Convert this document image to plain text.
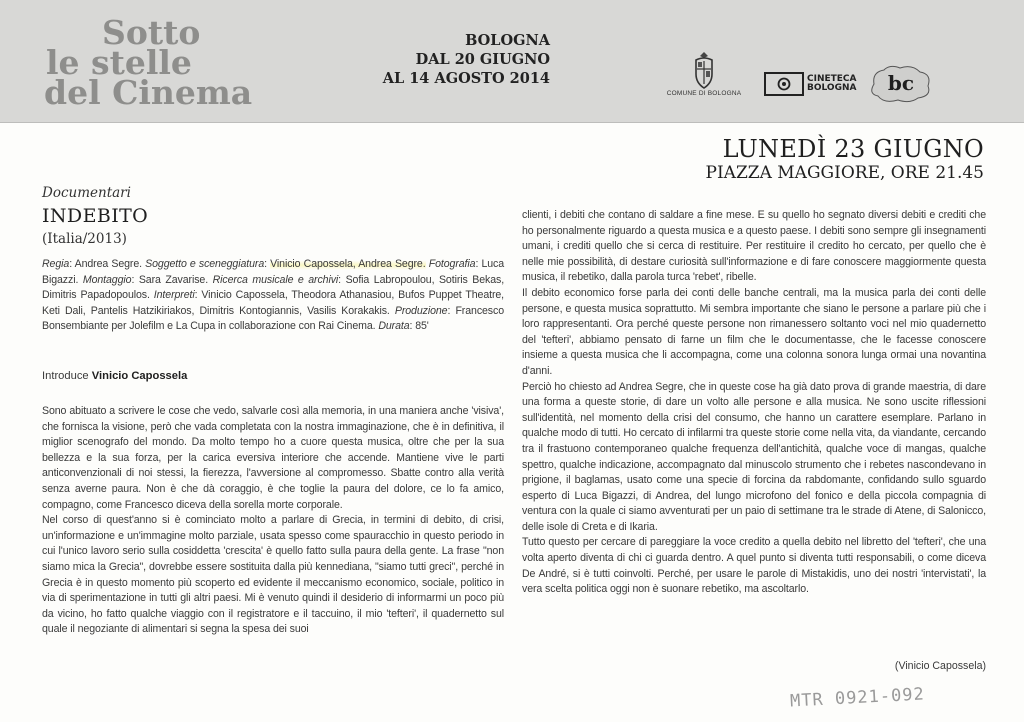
Sotto
le stelle
del Cinema
BOLOGNA
DAL 20 GIUGNO
AL 14 AGOSTO 2014
COMUNE DI BOLOGNA
CINETECA
BOLOGNA bc
LUNEDÌ 23 GIUGNO
PIAZZA MAGGIORE, ORE 21.45
Documentari
INDEBITO
(Italia/2013)
Regia: Andrea Segre. Soggetto e sceneggiatura: Vinicio Capossela, Andrea Segre. Fotografia: Luca Bigazzi. Montaggio: Sara Zavarise. Ricerca musicale e archivi: Sofia Labropoulou, Sotiris Bekas, Dimitris Papadopoulos. Interpreti: Vinicio Capossela, Theodora Athanasiou, Bufos Puppet Theatre, Keti Dali, Pantelis Hatzikiriakos, Dimitris Kontogiannis, Vasilis Korakakis. Produzione: Francesco Bonsembiante per Jolefilm e La Cupa in collaborazione con Rai Cinema. Durata: 85'
Introduce Vinicio Capossela

Sono abituato a scrivere le cose che vedo, salvarle così alla memoria, in una maniera anche 'visiva', che fornisca la visione, però che vada completata con la nostra immaginazione, che è in definitiva, il miglior scenografo del mondo. Da molto tempo ho a cuore questa musica, oltre che per la sua bellezza e la sua forza, per la carica eversiva interiore che accende. Mantiene vive le parti anticonvenzionali di noi stessi, la fierezza, l'avversione al compromesso. Sbatte contro alla verità senza averne paura. Non è che dà coraggio, è che toglie la paura del dolore, ce lo fa amico, compagno, come Francesco diceva della sorella morte corporale.

Nel corso di quest'anno si è cominciato molto a parlare di Grecia, in termini di debito, di crisi, un'informazione e un'immagine molto parziale, usata spesso come spauracchio in questo periodo in cui l'unico lavoro serio sulla cosiddetta 'crescita' è quello fatto sulla paura della gente. La frase "non siamo mica la Grecia", dovrebbe essere sostituita dalla più kennediana, "siamo tutti greci", perché in Grecia è in questo momento più scoperto ed evidente il meccanismo economico, sociale, politico in via di sperimentazione in tutti gli altri paesi. Mi è venuto quindi il desiderio di informarmi un poco più da vicino, ho fatto qualche viaggio con il registratore e il taccuino, il mio 'tefteri', il quadernetto sul quale il negoziante di alimentari si segna la spesa dei suoi

clienti, i debiti che contano di saldare a fine mese. E su quello ho segnato diversi debiti e crediti che ho personalmente riguardo a questa musica e a questo paese. I debiti sono sempre gli insegnamenti umani, i crediti quello che si cerca di restituire. Per restituire il credito ho cercato, per quello che è nelle mie possibilità, di destare curiosità sull'informazione e di fare conoscere maggiormente questa musica, il rebetiko, dalla parola turca 'rebet', ribelle.

Il debito economico forse parla dei conti delle banche centrali, ma la musica parla dei conti delle persone, e questa musica soprattutto. Mi sembra importante che siano le persone a parlare più che i loro rappresentanti. Ora perché queste persone non rimanessero soltanto voci nel mio quadernetto del 'tefteri', abbiamo pensato di farne un film che le documentasse, che le facesse conoscere insieme a questa musica che li accompagna, come una colonna sonora lunga ormai una novantina d'anni.

Perciò ho chiesto ad Andrea Segre, che in queste cose ha già dato prova di grande maestria, di dare una forma a queste storie, di dare un volto alle persone e alla musica. Ne sono uscite riflessioni sull'identità, nel momento della crisi del consumo, che hanno un carattere esemplare. Parlano in qualche modo di tutti. Ho cercato di infilarmi tra queste storie come nella vita, da viandante, cercando tra il frastuono contemporaneo qualche frequenza dell'antichità, qualche voce di mangas, qualche spettro, qualche indicazione, accompagnato dal minuscolo strumento che i rebetes nascondevano in prigione, il baglamas, usato come una specie di forcina da rabdomante, confidando sullo sguardo esperto di Luca Bigazzi, di Andrea, del lungo microfono del fonico e della piccola compagnia di ventura con la quale ci siamo avventurati per un paio di settimane tra le strade di Atene, di Salonicco, delle isole di Creta e di Ikaria.

Tutto questo per cercare di pareggiare la voce credito a quella debito nel libretto del 'tefteri', che una volta aperto diventa di chi ci guarda dentro. A quel punto si diventa tutti responsabili, o come diceva De André, si è tutti coinvolti. Perché, per usare le parole di Mistakidis, uno dei nostri 'intervistati', la vera scelta politica oggi non è suonare rebetiko, ma ascoltarlo.

(Vinicio Capossela)
MTR 0921-092
